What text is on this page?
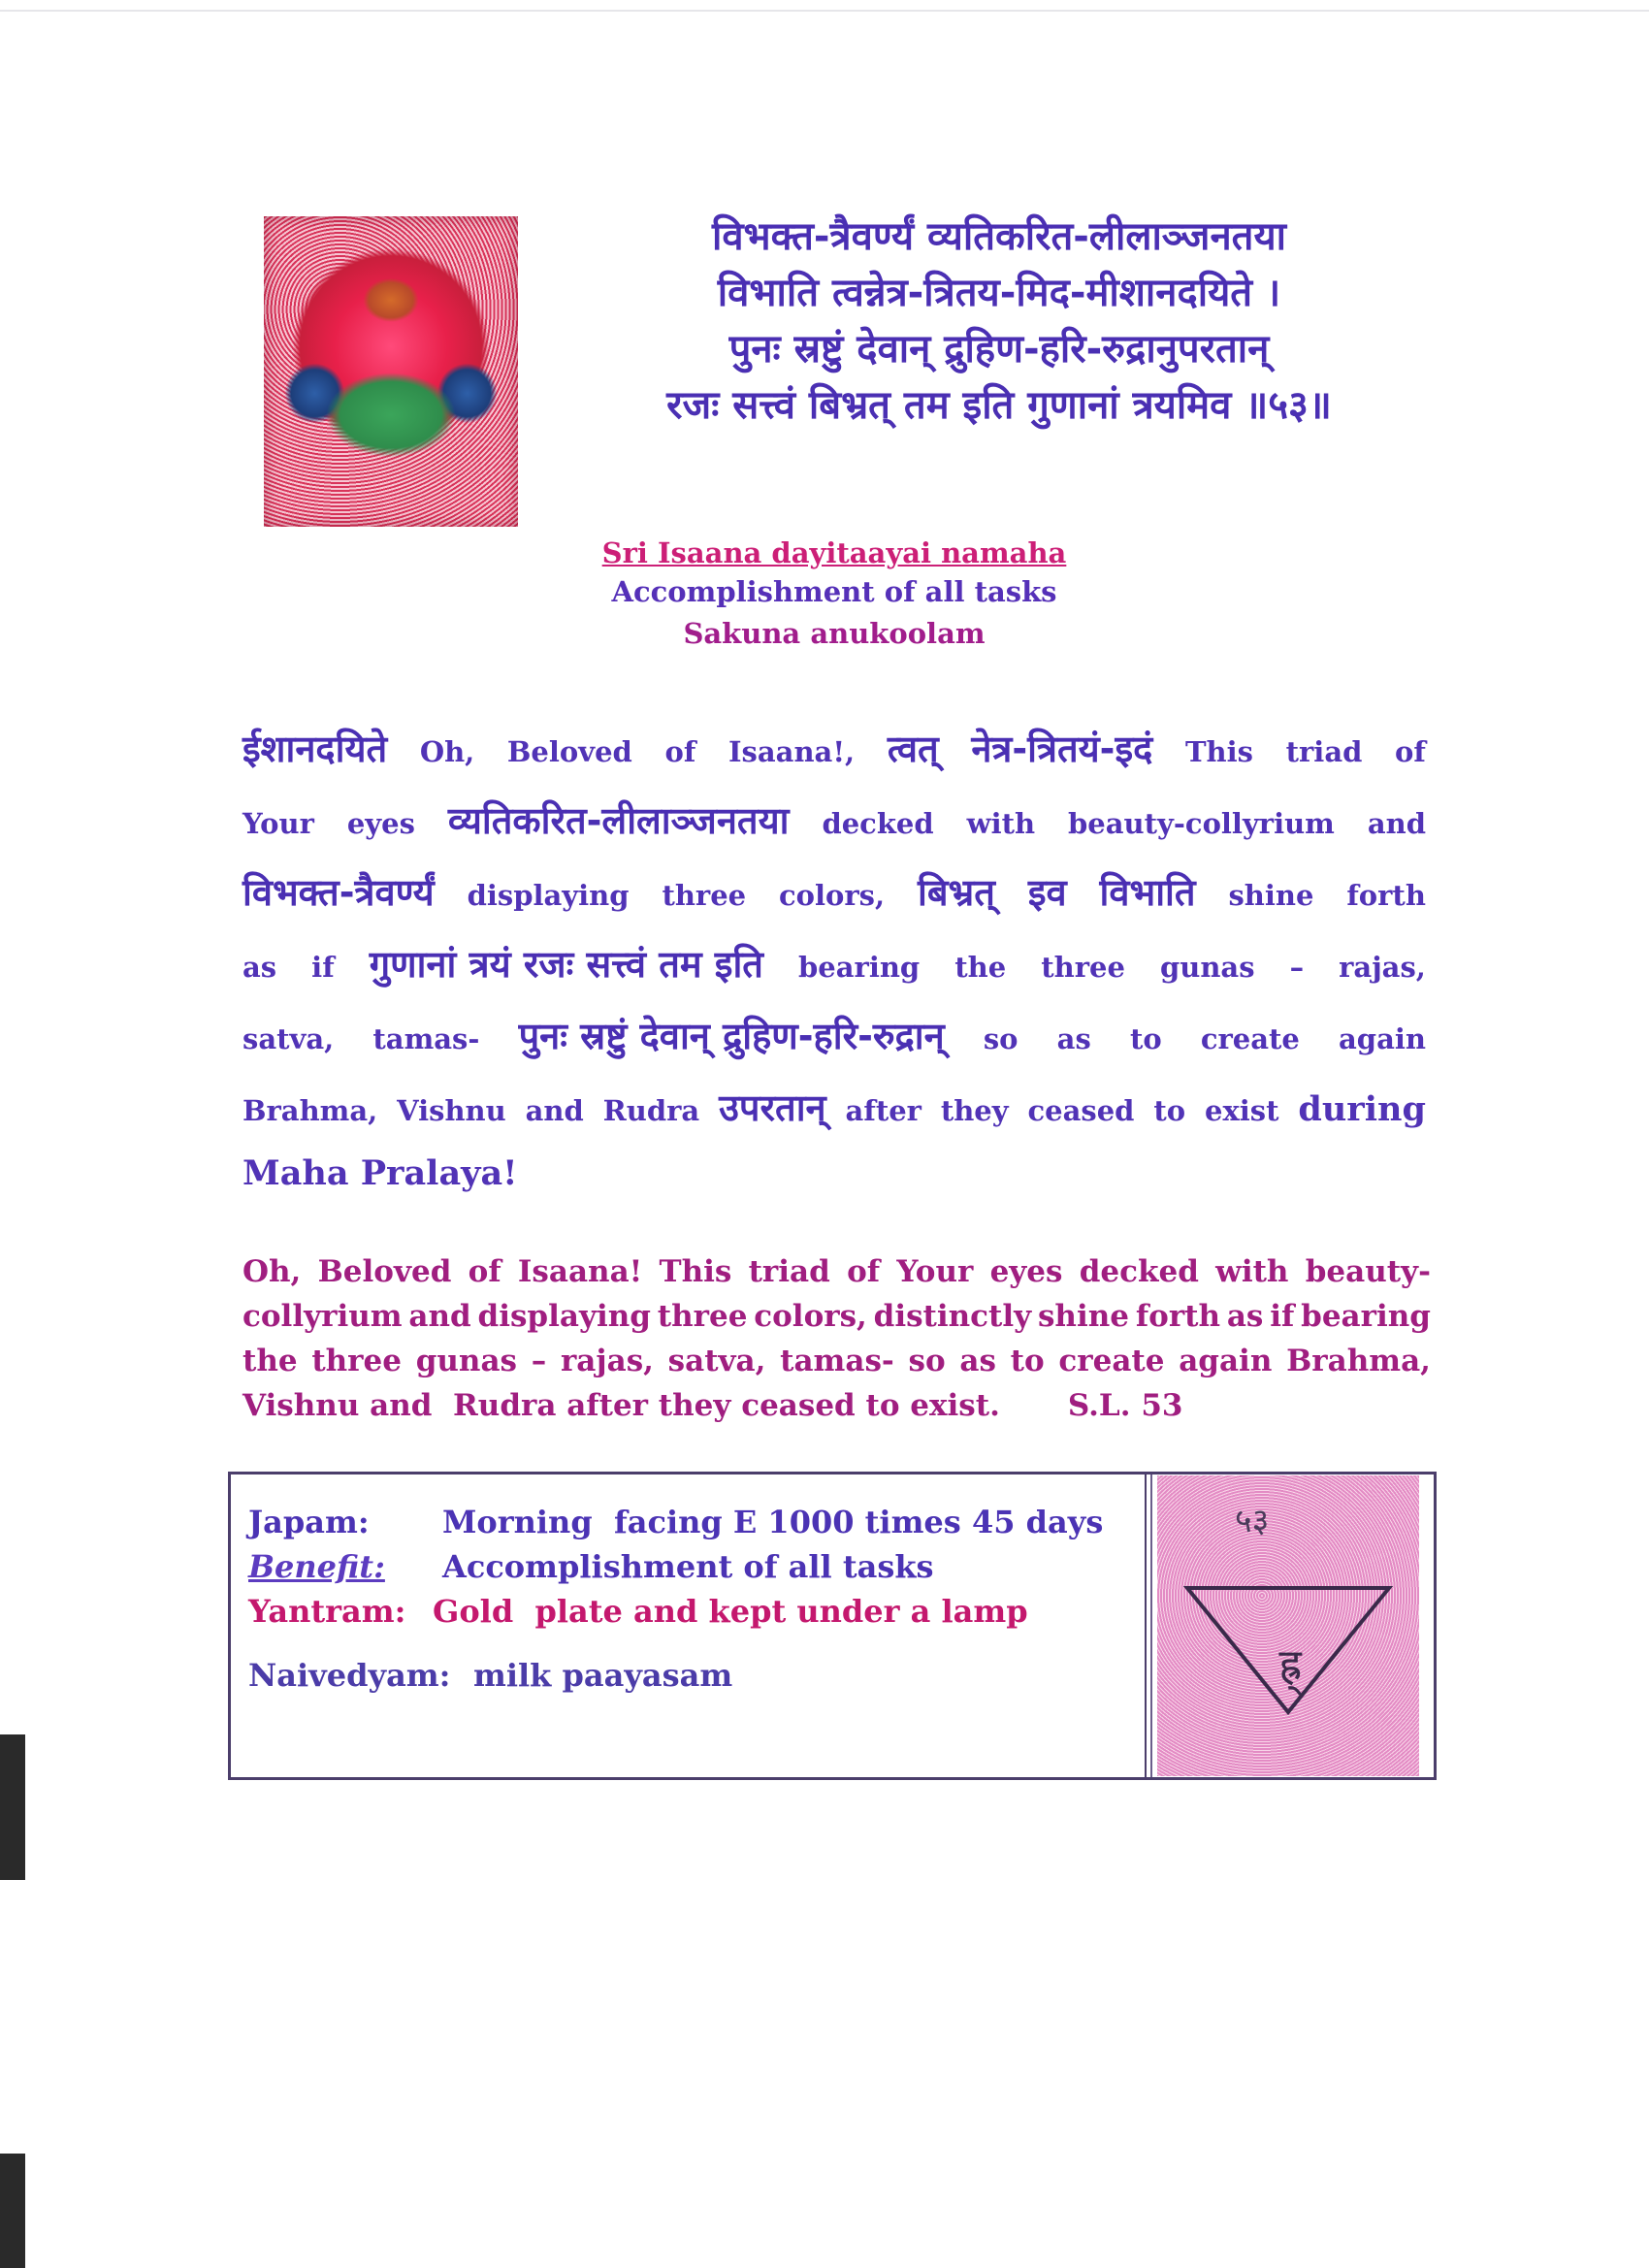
विभक्त-त्रैवर्ण्यं व्यतिकरित-लीलाञ्जनतया
विभाति त्वन्नेत्र-त्रितय-मिद-मीशानदयिते ।
पुनः स्रष्टुं देवान् द्रुहिण-हरि-रुद्रानुपरतान्
रजः सत्त्वं बिभ्रत् तम इति गुणानां त्रयमिव ॥५३॥
Sri Isaana dayitaayai namaha
Accomplishment of all tasks
Sakuna anukoolam
ईशानदयिते Oh, Beloved of Isaana!, त्वत् नेत्र-त्रितयं-इदं This triad of
Your eyes व्यतिकरित-लीलाञ्जनतया decked with beauty-collyrium and
विभक्त-त्रैवर्ण्यं displaying three colors, बिभ्रत् इव विभाति shine forth
as if गुणानां त्रयं रजः सत्त्वं तम इति bearing the three gunas – rajas,
satva, tamas- पुनः स्रष्टुं देवान् द्रुहिण-हरि-रुद्रान् so as to create again
Brahma, Vishnu and Rudra उपरतान् after they ceased to exist during
Maha Pralaya!
Oh, Beloved of Isaana! This triad of Your eyes decked with beauty-
collyrium and displaying three colors, distinctly shine forth as if bearing
the three gunas – rajas, satva, tamas- so as to create again Brahma,
Vishnu and  Rudra after they ceased to exist. S.L. 53
Japam:	Morning  facing E 1000 times 45 days
Benefit:	Accomplishment of all tasks
Yantram: Gold  plate and kept under a lamp
Naivedyam: milk paayasam
५३
ह्र्
